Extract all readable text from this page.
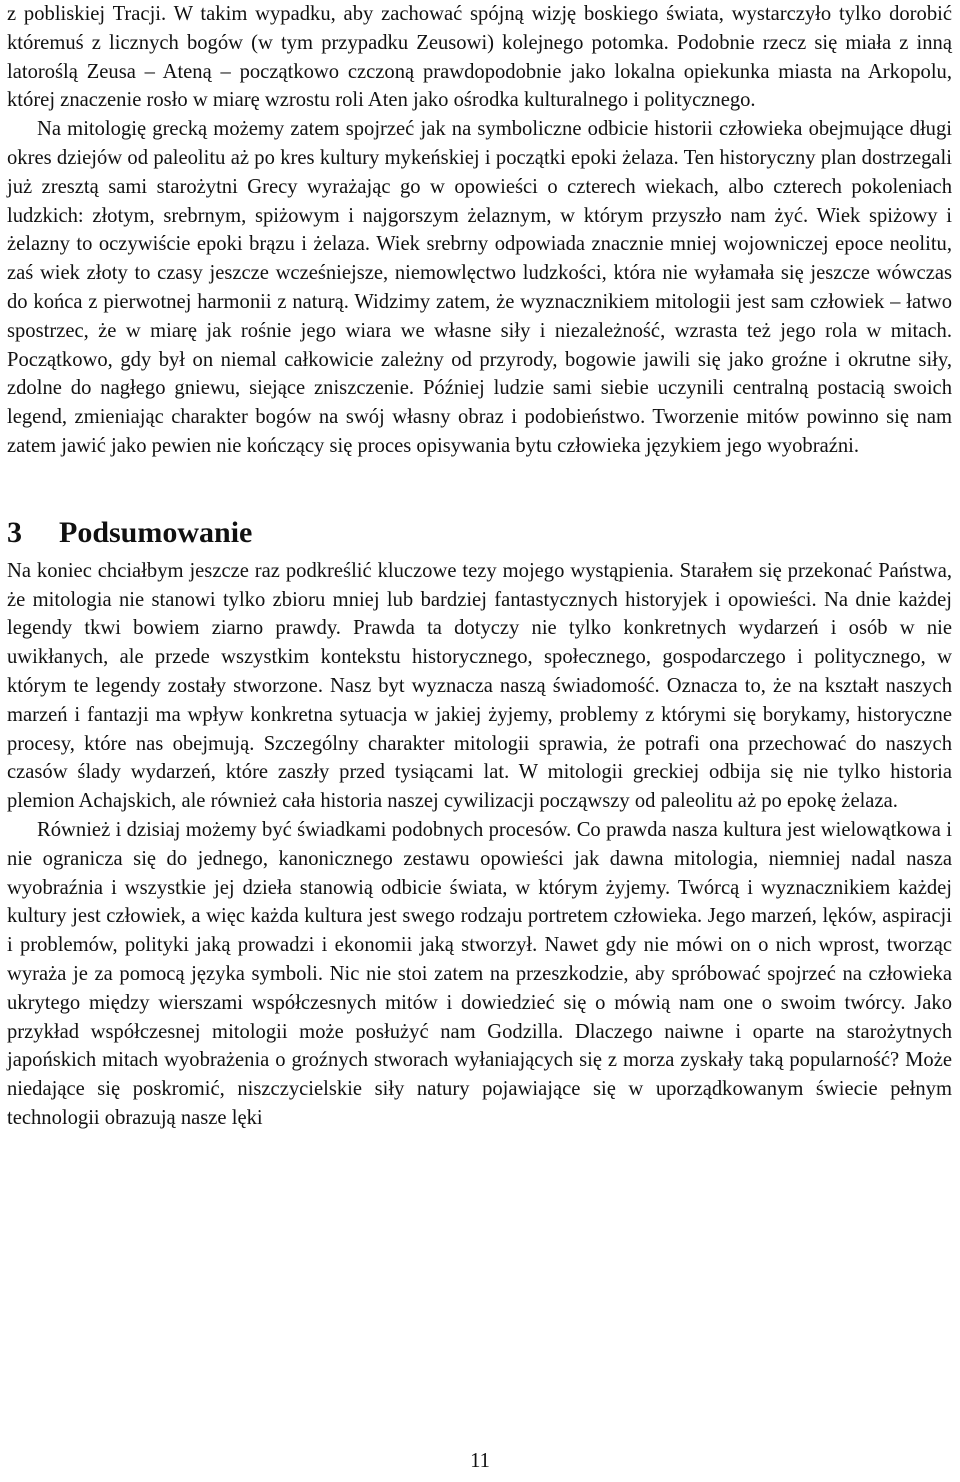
z pobliskiej Tracji. W takim wypadku, aby zachować spójną wizję boskiego świata, wystarczyło tylko dorobić któremuś z licznych bogów (w tym przypadku Zeusowi) kolejnego potomka. Podobnie rzecz się miała z inną latoroślą Zeusa – Ateną – początkowo czczoną prawdopodobnie jako lokalna opiekunka miasta na Arkopolu, której znaczenie rosło w miarę wzrostu roli Aten jako ośrodka kulturalnego i politycznego.

Na mitologię grecką możemy zatem spojrzeć jak na symboliczne odbicie historii człowieka obejmujące długi okres dziejów od paleolitu aż po kres kultury mykeńskiej i początki epoki żelaza. Ten historyczny plan dostrzegali już zresztą sami starożytni Grecy wyrażając go w opowieści o czterech wiekach, albo czterech pokoleniach ludzkich: złotym, srebrnym, spiżowym i najgorszym żelaznym, w którym przyszło nam żyć. Wiek spiżowy i żelazny to oczywiście epoki brązu i żelaza. Wiek srebrny odpowiada znacznie mniej wojowniczej epoce neolitu, zaś wiek złoty to czasy jeszcze wcześniejsze, niemowlęctwo ludzkości, która nie wyłamała się jeszcze wówczas do końca z pierwotnej harmonii z naturą. Widzimy zatem, że wyznacznikiem mitologii jest sam człowiek – łatwo spostrzec, że w miarę jak rośnie jego wiara we własne siły i niezależność, wzrasta też jego rola w mitach. Początkowo, gdy był on niemal całkowicie zależny od przyrody, bogowie jawili się jako groźne i okrutne siły, zdolne do nagłego gniewu, siejące zniszczenie. Później ludzie sami siebie uczynili centralną postacią swoich legend, zmieniając charakter bogów na swój własny obraz i podobieństwo. Tworzenie mitów powinno się nam zatem jawić jako pewien nie kończący się proces opisywania bytu człowieka językiem jego wyobraźni.

3 Podsumowanie

Na koniec chciałbym jeszcze raz podkreślić kluczowe tezy mojego wystąpienia. Starałem się przekonać Państwa, że mitologia nie stanowi tylko zbioru mniej lub bardziej fantastycznych historyjek i opowieści. Na dnie każdej legendy tkwi bowiem ziarno prawdy. Prawda ta dotyczy nie tylko konkretnych wydarzeń i osób w nie uwikłanych, ale przede wszystkim kontekstu historycznego, społecznego, gospodarczego i politycznego, w którym te legendy zostały stworzone. Nasz byt wyznacza naszą świadomość. Oznacza to, że na kształt naszych marzeń i fantazji ma wpływ konkretna sytuacja w jakiej żyjemy, problemy z którymi się borykamy, historyczne procesy, które nas obejmują. Szczególny charakter mitologii sprawia, że potrafi ona przechować do naszych czasów ślady wydarzeń, które zaszły przed tysiącami lat. W mitologii greckiej odbija się nie tylko historia plemion Achajskich, ale również cała historia naszej cywilizacji począwszy od paleolitu aż po epokę żelaza.

Również i dzisiaj możemy być świadkami podobnych procesów. Co prawda nasza kultura jest wielowątkowa i nie ogranicza się do jednego, kanonicznego zestawu opowieści jak dawna mitologia, niemniej nadal nasza wyobraźnia i wszystkie jej dzieła stanowią odbicie świata, w którym żyjemy. Twórcą i wyznacznikiem każdej kultury jest człowiek, a więc każda kultura jest swego rodzaju portretem człowieka. Jego marzeń, lęków, aspiracji i problemów, polityki jaką prowadzi i ekonomii jaką stworzył. Nawet gdy nie mówi on o nich wprost, tworząc wyraża je za pomocą języka symboli. Nic nie stoi zatem na przeszkodzie, aby spróbować spojrzeć na człowieka ukrytego między wierszami współczesnych mitów i dowiedzieć się o mówią nam one o swoim twórcy. Jako przykład współczesnej mitologii może posłużyć nam Godzilla. Dlaczego naiwne i oparte na starożytnych japońskich mitach wyobrażenia o groźnych stworach wyłaniających się z morza zyskały taką popularność? Może niedające się poskromić, niszczycielskie siły natury pojawiające się w uporządkowanym świecie pełnym technologii obrazują nasze lęki

11
